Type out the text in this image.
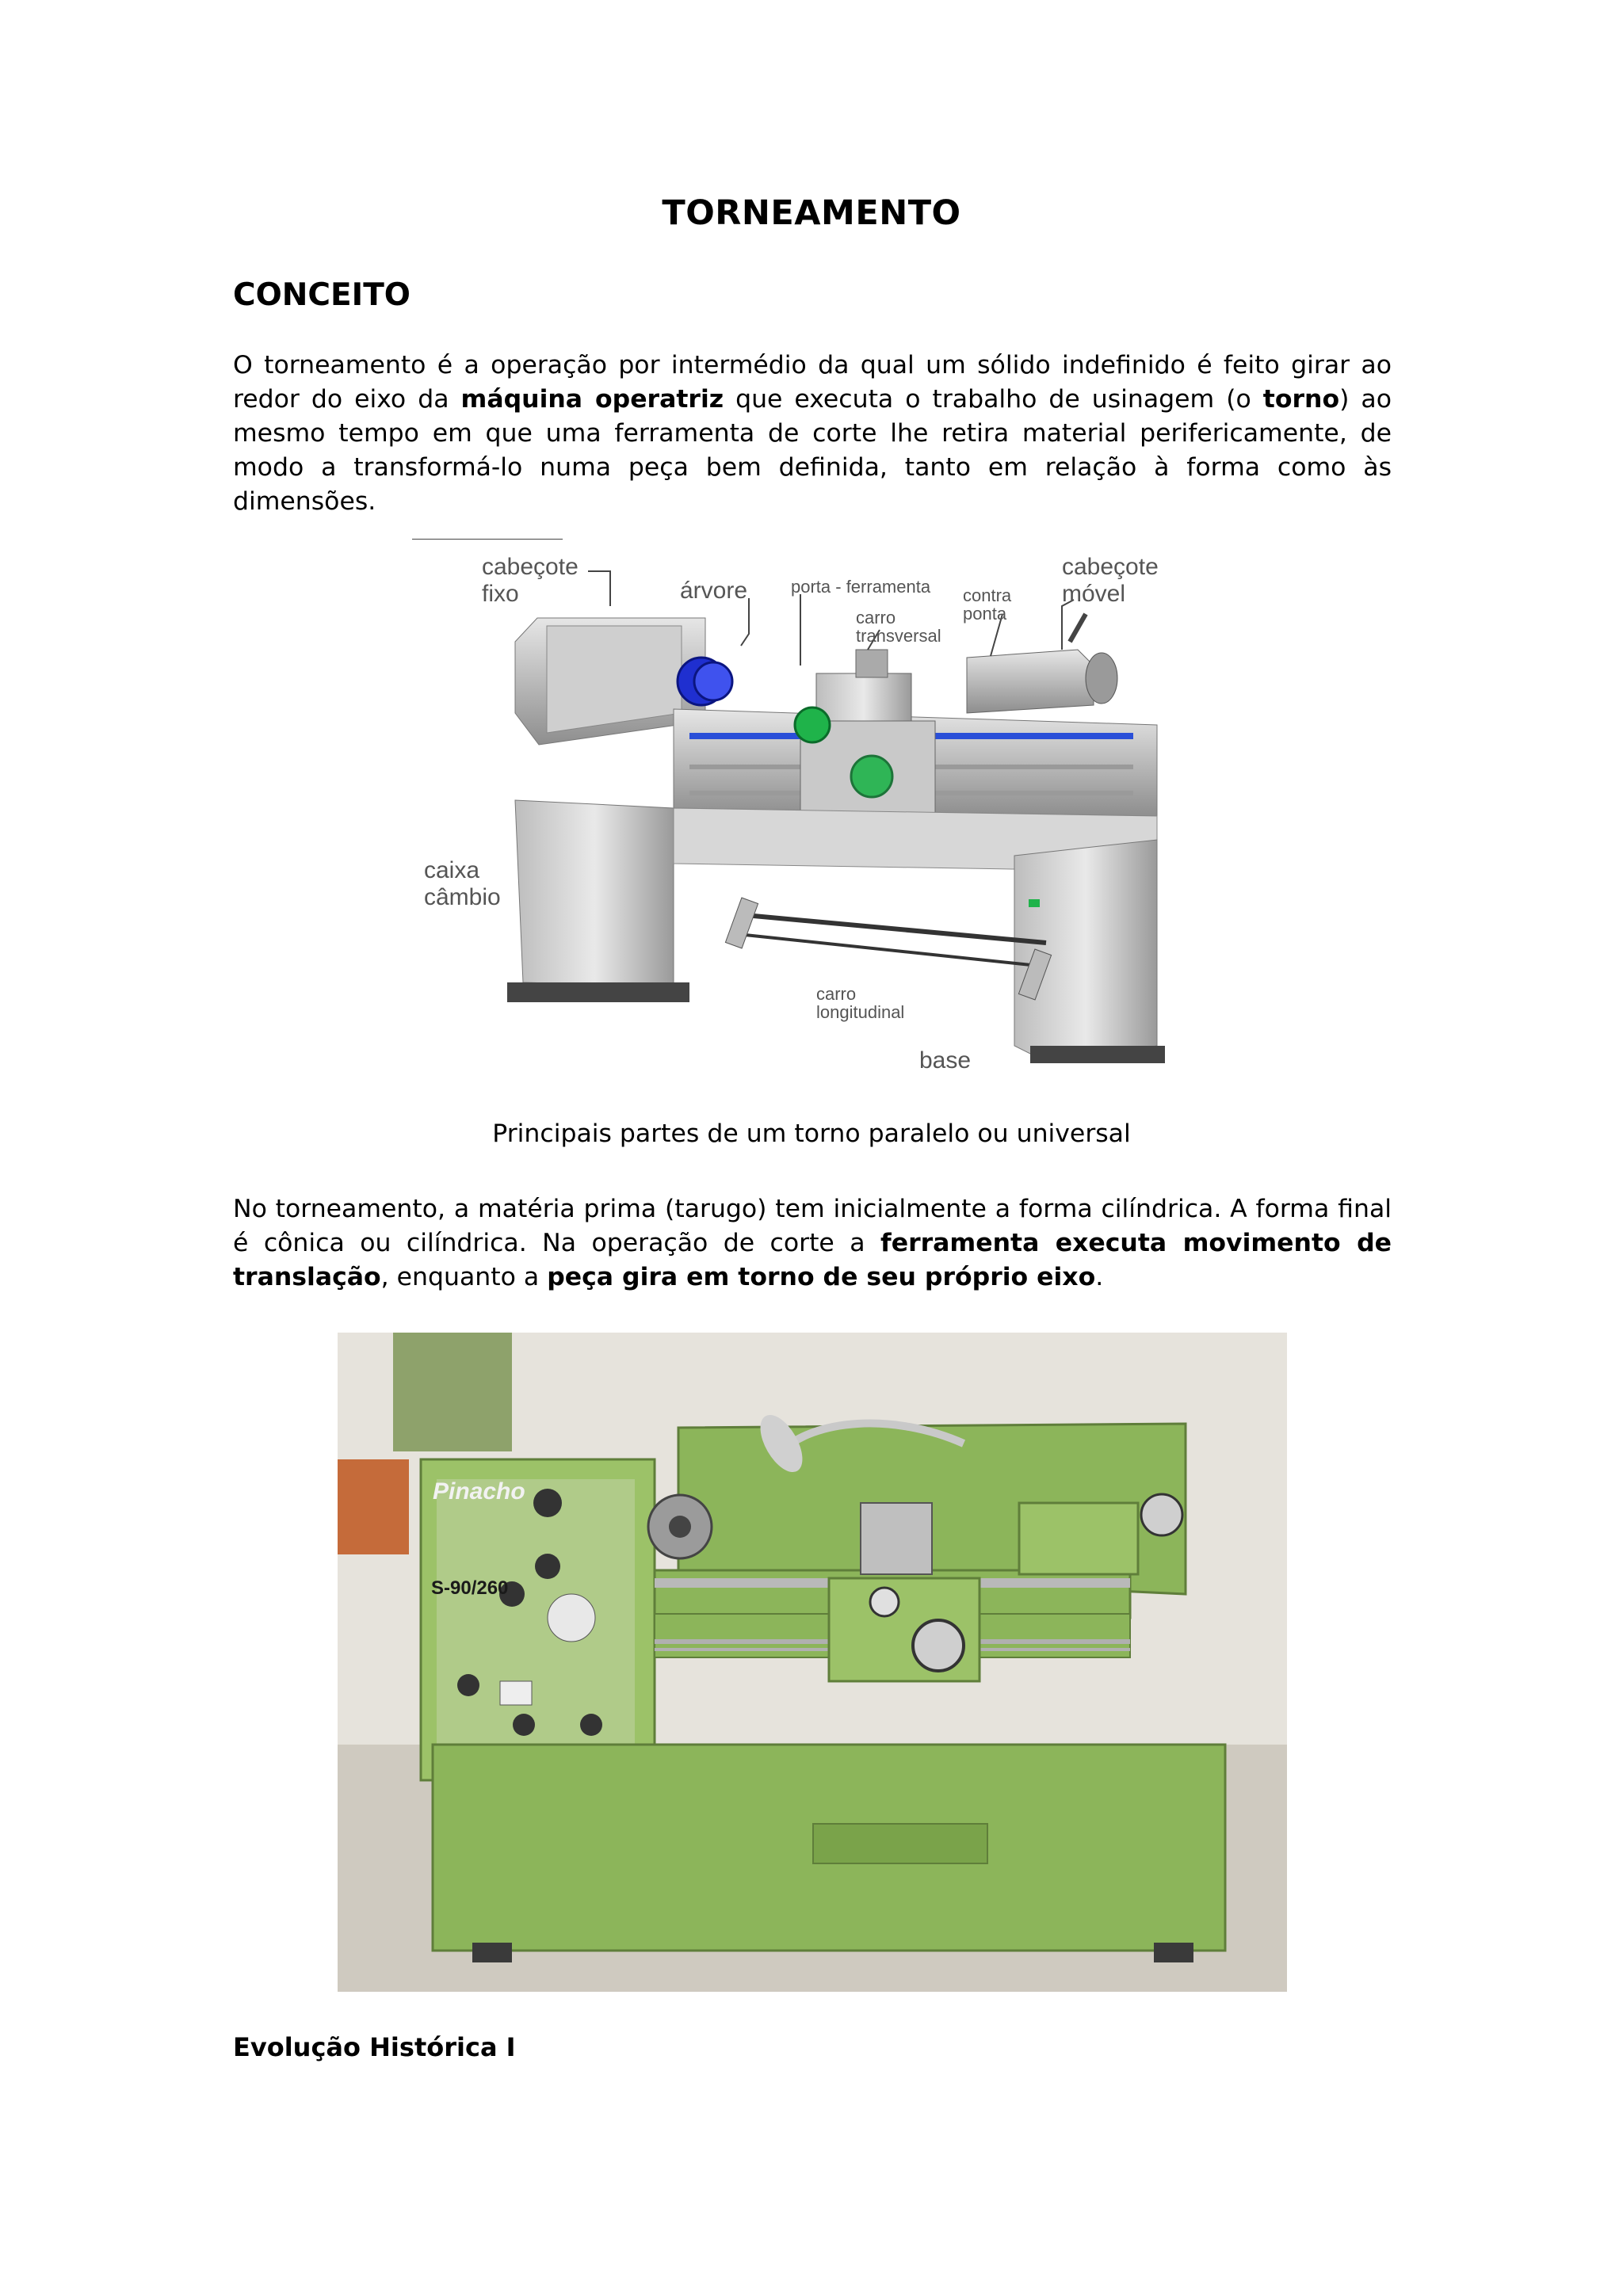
TORNEAMENTO
CONCEITO
O torneamento é a operação por intermédio da qual um sólido indefinido é feito girar ao redor do eixo da máquina operatriz que executa o trabalho de usinagem (o torno) ao mesmo tempo em que uma ferramenta de corte lhe retira material perifericamente, de modo a transformá-lo numa peça bem definida, tanto em relação à forma como às dimensões.
cabeçote
fixo	árvore porta - ferramenta
carro
transversal
contra
ponta
cabeçote
móvel
caixa
câmbio
carro
longitudinal
base
Principais partes de um torno paralelo ou universal
No torneamento, a matéria prima (tarugo) tem inicialmente a forma cilíndrica. A forma final é cônica ou cilíndrica. Na operação de corte a ferramenta executa movimento de translação, enquanto a peça gira em torno de seu próprio eixo.
Pinacho
S-90/260
Evolução Histórica I
